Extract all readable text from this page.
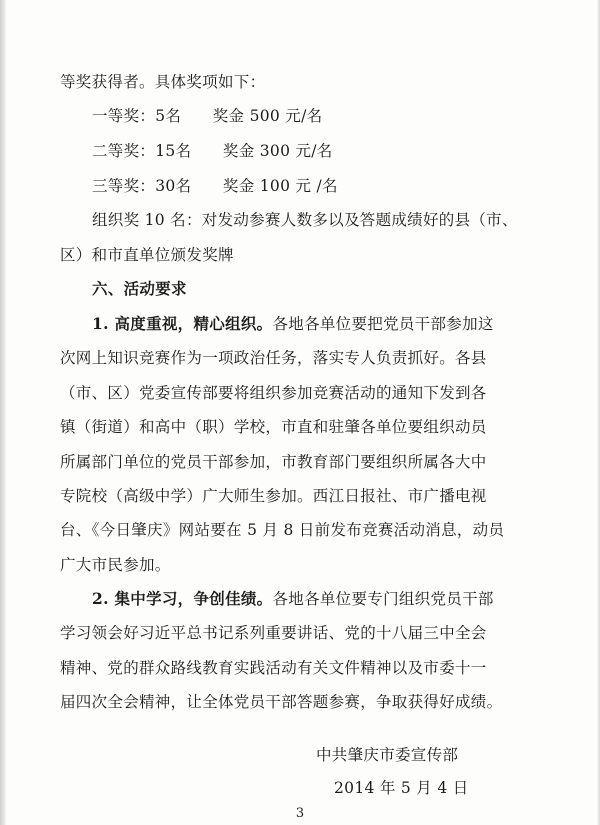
等奖获得者。具体奖项如下：
一等奖：5名　　奖金 500 元/名
二等奖：15名　　奖金 300 元/名
三等奖：30名　　奖金 100 元 /名
组织奖 10 名：对发动参赛人数多以及答题成绩好的县（市、
区）和市直单位颁发奖牌
六、活动要求
1. 高度重视，精心组织。各地各单位要把党员干部参加这
次网上知识竞赛作为一项政治任务，落实专人负责抓好。各县
（市、区）党委宣传部要将组织参加竞赛活动的通知下发到各
镇（街道）和高中（职）学校，市直和驻肇各单位要组织动员
所属部门单位的党员干部参加，市教育部门要组织所属各大中
专院校（高级中学）广大师生参加。西江日报社、市广播电视
台、《今日肇庆》网站要在 5 月 8 日前发布竞赛活动消息，动员
广大市民参加。
2. 集中学习，争创佳绩。各地各单位要专门组织党员干部
学习领会好习近平总书记系列重要讲话、党的十八届三中全会
精神、党的群众路线教育实践活动有关文件精神以及市委十一
届四次全会精神，让全体党员干部答题参赛，争取获得好成绩。
中共肇庆市委宣传部
2014 年 5 月 4 日
3
